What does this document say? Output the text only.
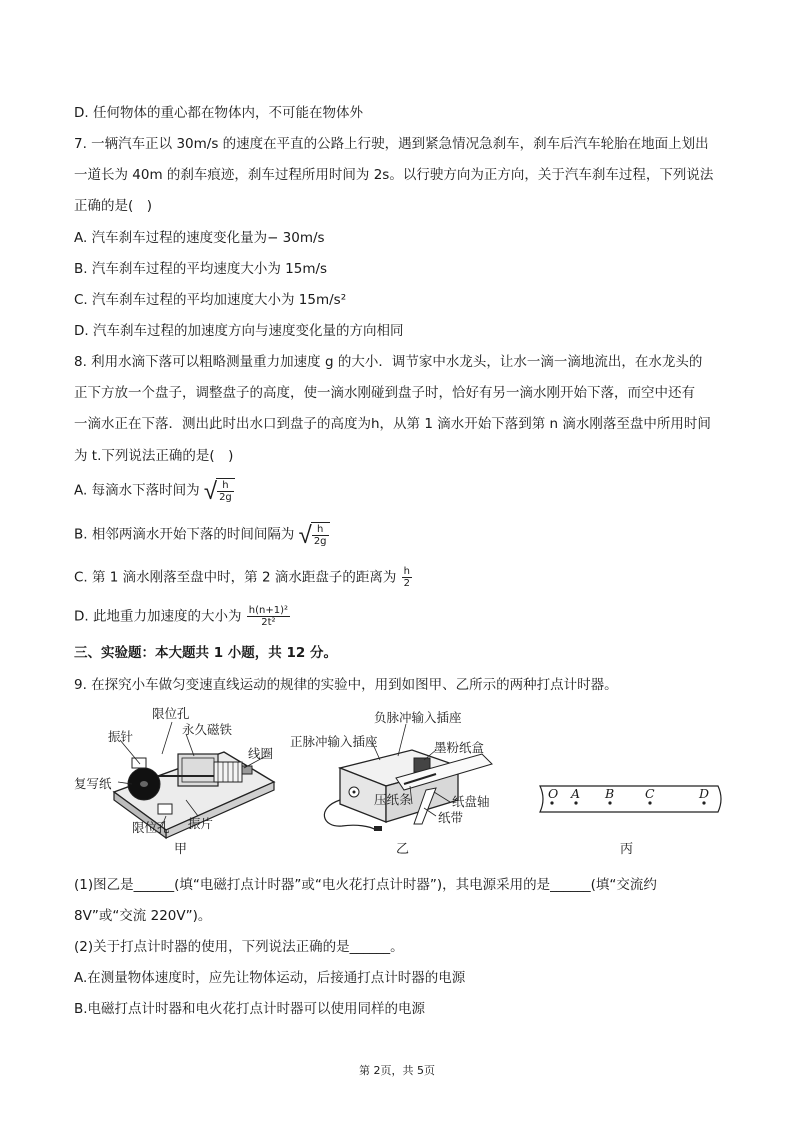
D. 任何物体的重心都在物体内，不可能在物体外
7. 一辆汽车正以 30m/s 的速度在平直的公路上行驶，遇到紧急情况急刹车，刹车后汽车轮胎在地面上划出
一道长为 40m 的刹车痕迹，刹车过程所用时间为 2s。以行驶方向为正方向，关于汽车刹车过程，下列说法
正确的是(　)
A. 汽车刹车过程的速度变化量为− 30m/s
B. 汽车刹车过程的平均速度大小为 15m/s
C. 汽车刹车过程的平均加速度大小为 15m/s²
D. 汽车刹车过程的加速度方向与速度变化量的方向相同
8. 利用水滴下落可以粗略测量重力加速度 g 的大小．调节家中水龙头，让水一滴一滴地流出，在水龙头的
正下方放一个盘子，调整盘子的高度，使一滴水刚碰到盘子时，恰好有另一滴水刚开始下落，而空中还有
一滴水正在下落．测出此时出水口到盘子的高度为h，从第 1 滴水开始下落到第 n 滴水刚落至盘中所用时间
为 t.下列说法正确的是(　)
A. 每滴水下落时间为 √ $\frac{h}{2g}$
B. 相邻两滴水开始下落的时间间隔为 √ $\frac{h}{2g}$
C. 第 1 滴水刚落至盘中时，第 2 滴水距盘子的距离为 $\frac{h}{2}$
D. 此地重力加速度的大小为 $\frac{\text{h(n+1)²}}{\text{2t²}}$
三、实验题：本大题共 1 小题，共 12 分。
9. 在探究小车做匀变速直线运动的规律的实验中，用到如图甲、乙所示的两种打点计时器。
限位孔
振针	永久磁铁
线圈
复写纸
限位孔 振片
甲
负脉冲输入插座
正脉冲输入插座	墨粉纸盒
压纸条	纸盘轴
纸带
乙
O A B C	D
丙
(1)图乙是______(填“电磁打点计时器”或“电火花打点计时器”)，其电源采用的是______(填“交流约
8V”或“交流 220V”)。
(2)关于打点计时器的使用，下列说法正确的是______。
A.在测量物体速度时，应先让物体运动，后接通打点计时器的电源
B.电磁打点计时器和电火花打点计时器可以使用同样的电源
第 2页，共 5页
